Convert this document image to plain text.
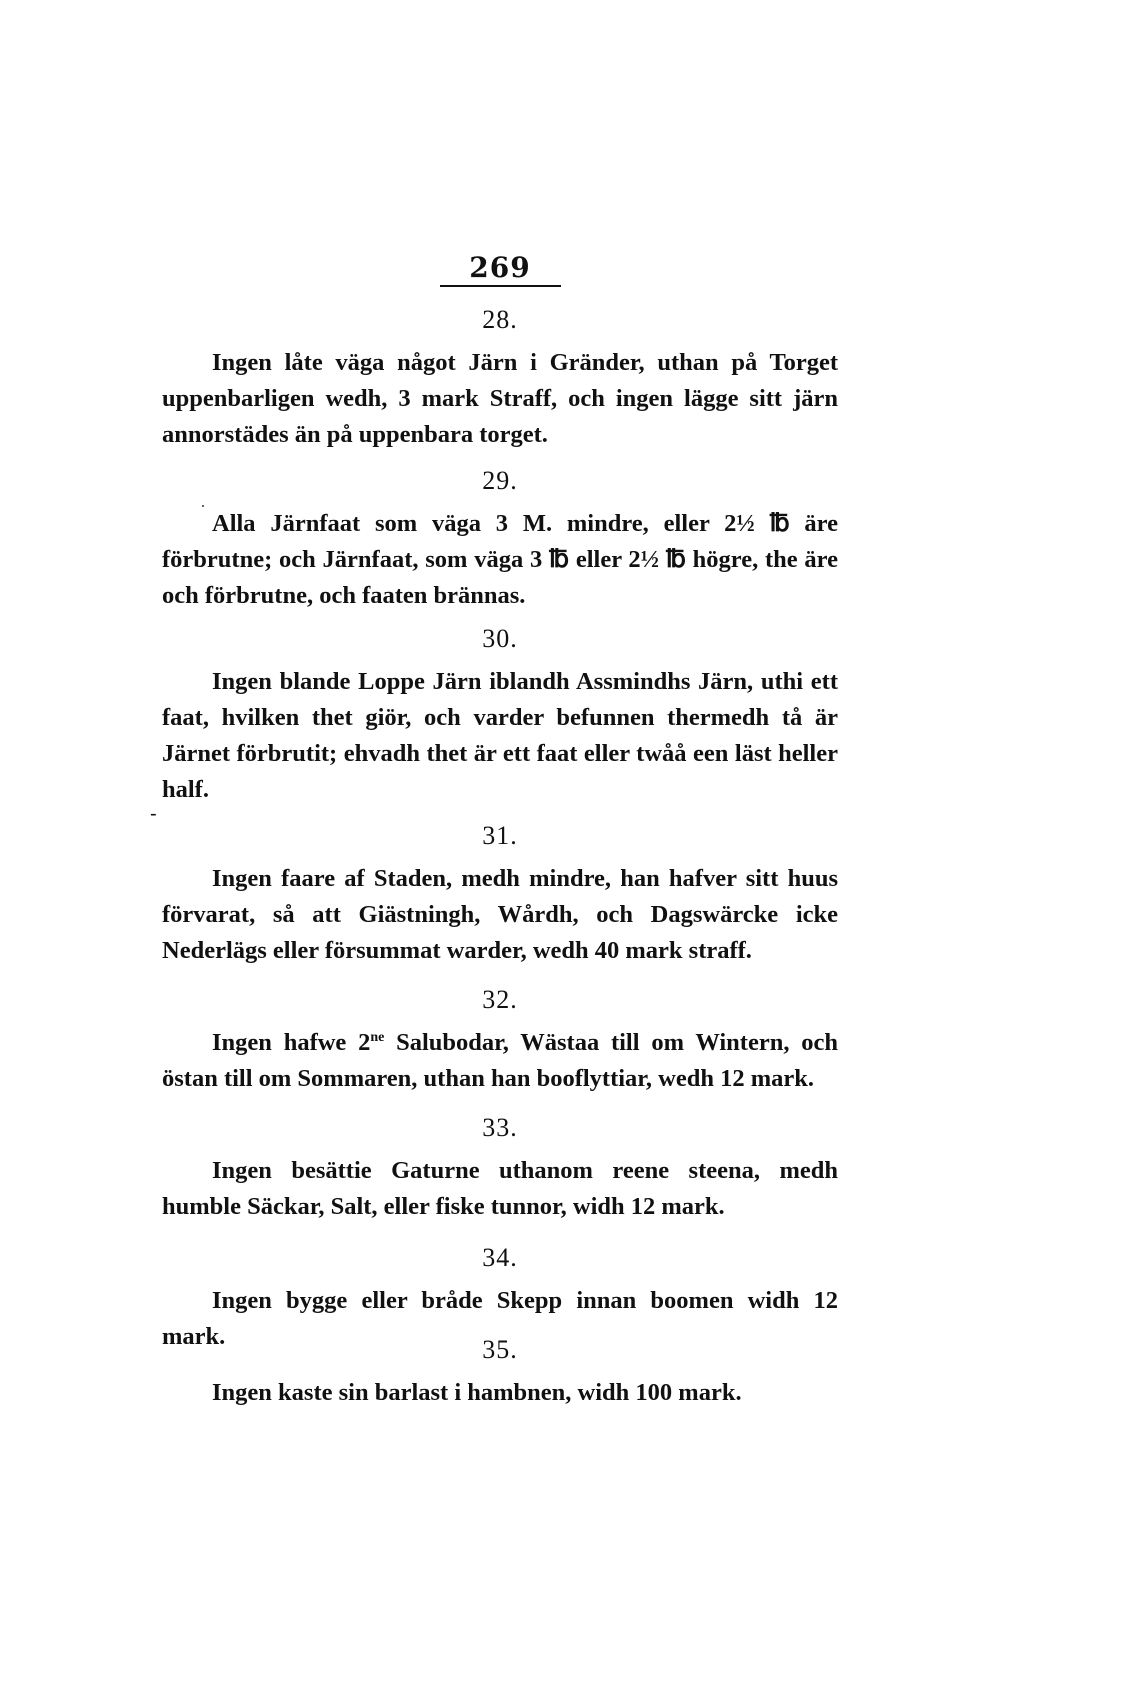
269
-
28.
Ingen låte väga något Järn i Gränder, uthan på Torget uppenbarligen wedh, 3 mark Straff, och ingen lägge sitt järn annorstädes än på uppenbara torget.
29.
Alla Järnfaat som väga 3 M. mindre, eller 2½ ℔ äre förbrutne; och Järnfaat, som väga 3 ℔ eller 2½ ℔ högre, the äre och förbrutne, och faaten brännas.
30.
Ingen blande Loppe Järn iblandh Assmindhs Järn, uthi ett faat, hvilken thet giör, och varder befunnen thermedh tå är Järnet förbrutit; ehvadh thet är ett faat eller twåå een läst heller half.
31.
Ingen faare af Staden, medh mindre, han hafver sitt huus förvarat, så att Giästningh, Wårdh, och Dagswärcke icke Nederlägs eller försummat warder, wedh 40 mark straff.
32.
Ingen hafwe $2^{ne}$ Salubodar, Wästaa till om Wintern, och östan till om Sommaren, uthan han booflyttiar, wedh 12 mark.
33.
Ingen besättie Gaturne uthanom reene steena, medh humble Säckar, Salt, eller fiske tunnor, widh 12 mark.
34.
Ingen bygge eller bråde Skepp innan boomen widh 12 mark.	35.
Ingen kaste sin barlast i hambnen, widh 100 mark.
